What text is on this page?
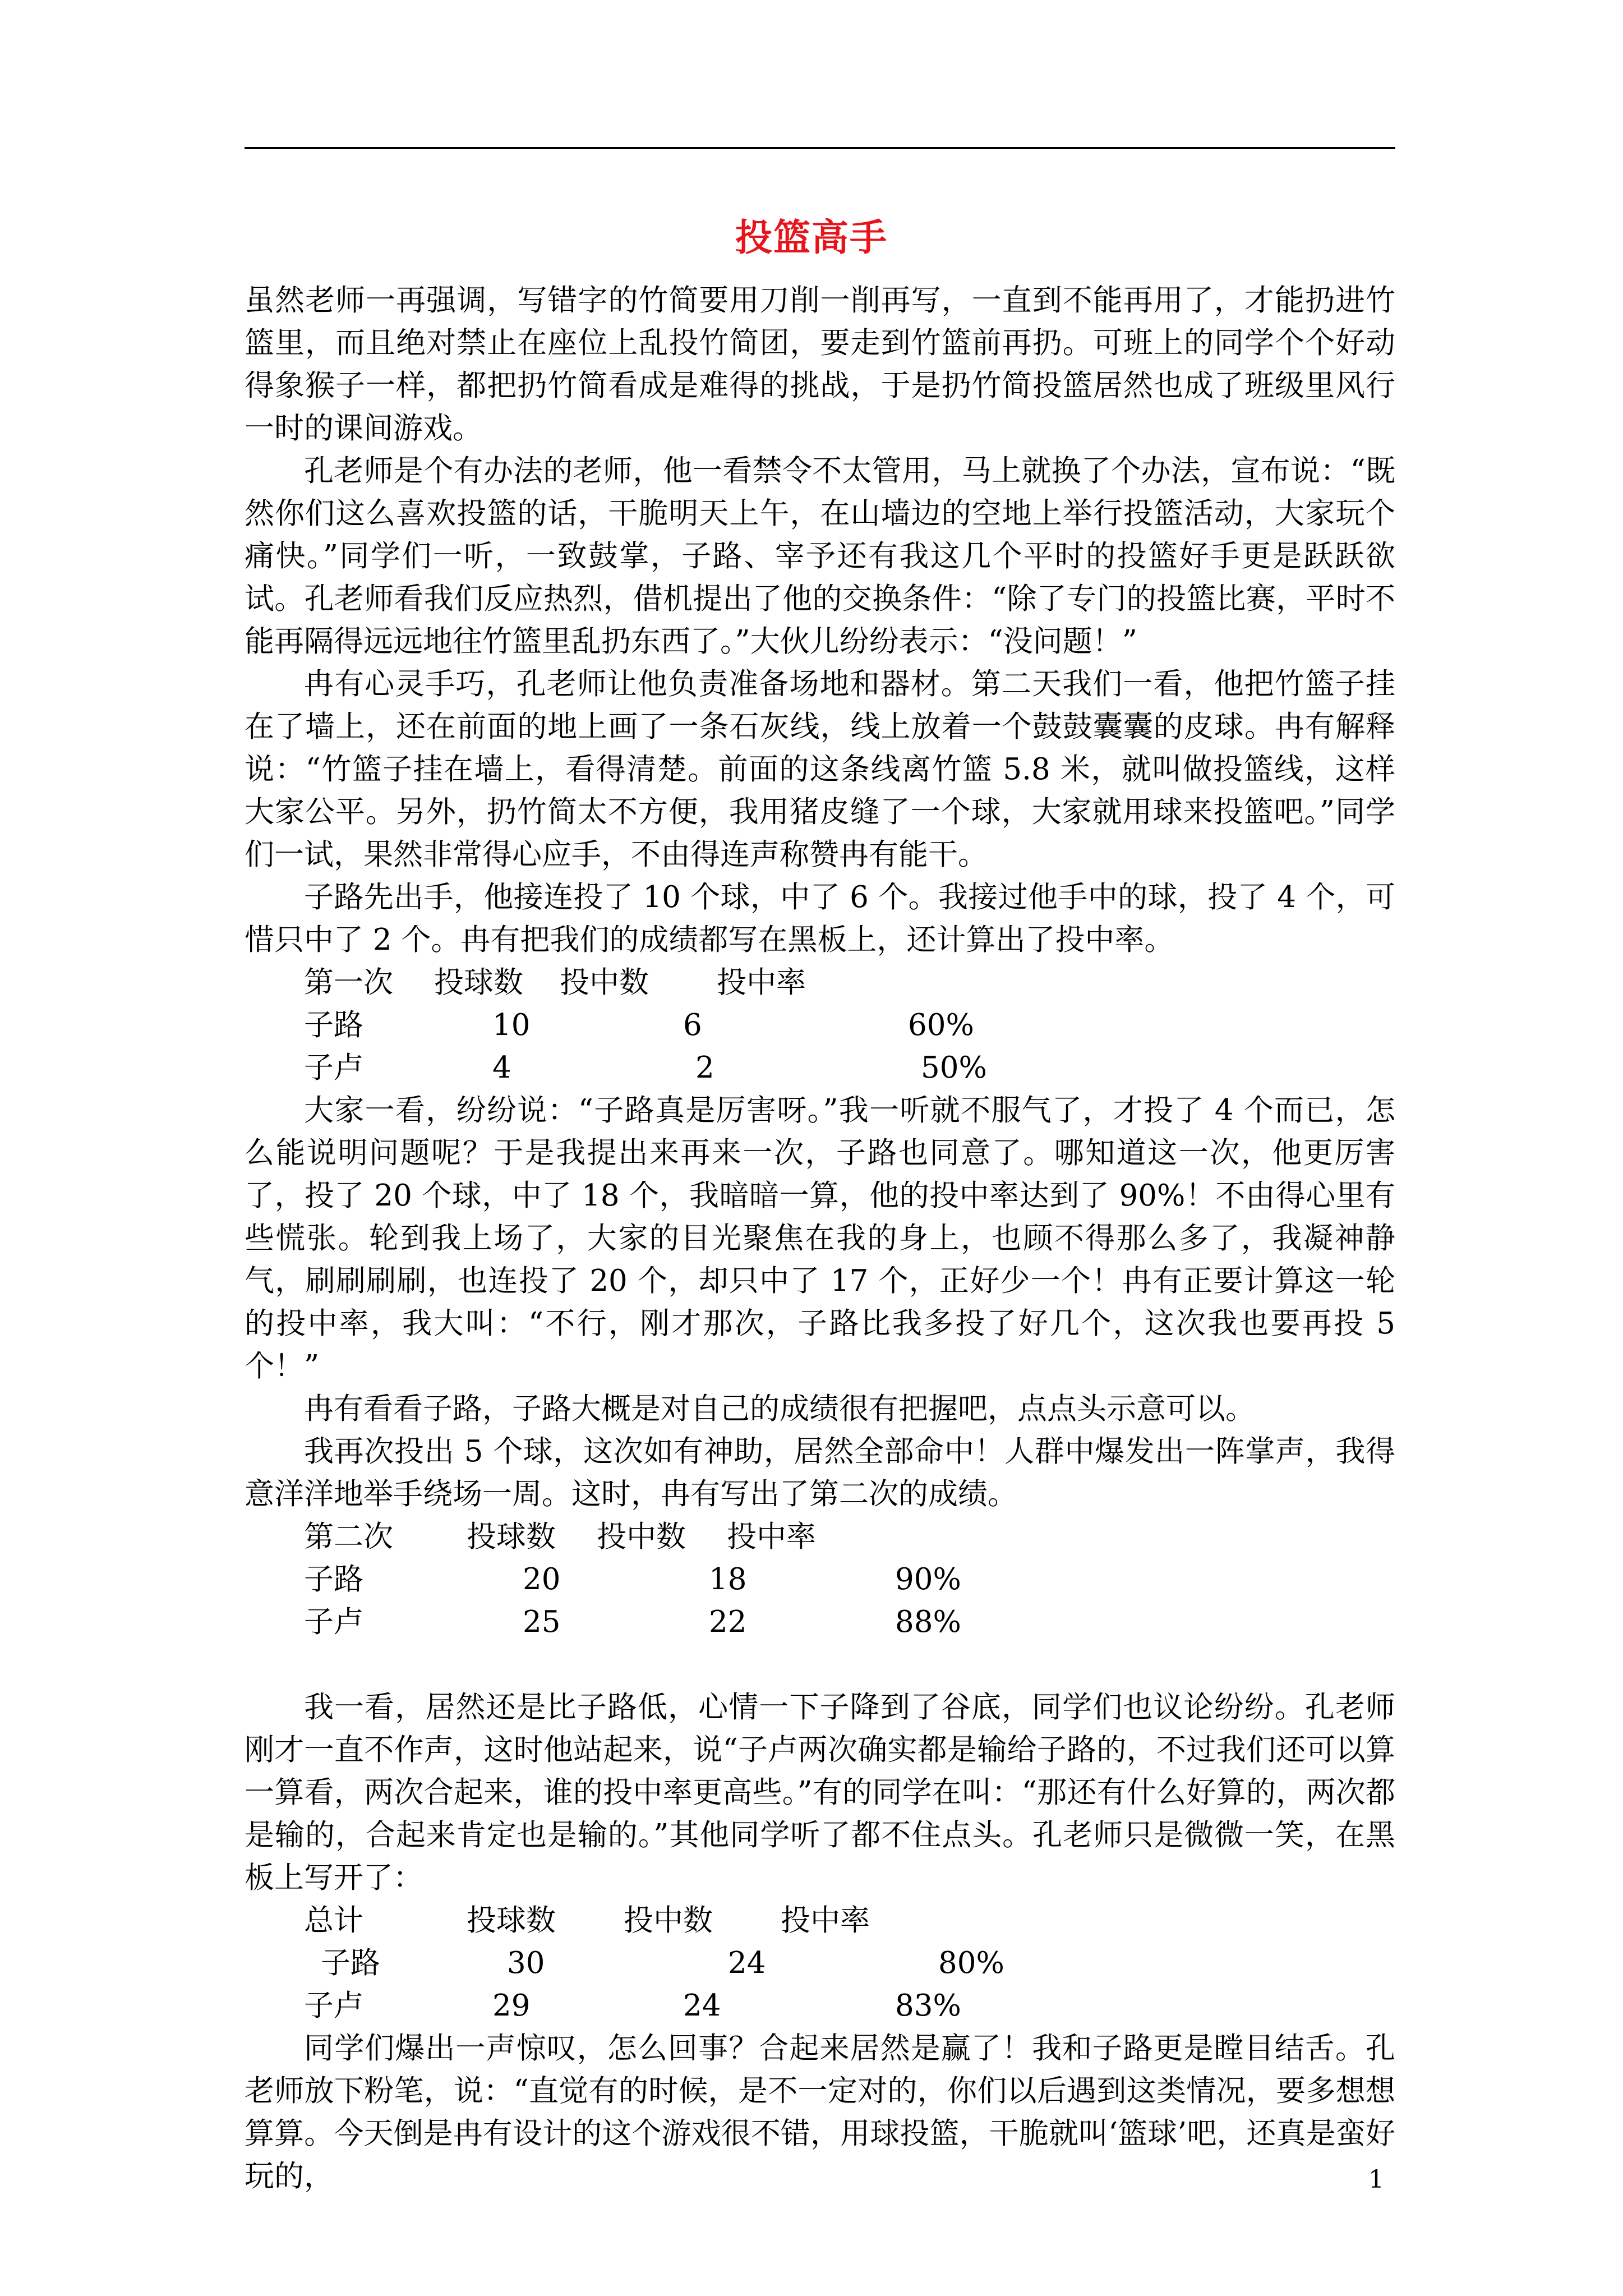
投篮高手

虽然老师一再强调，写错字的竹简要用刀削一削再写，一直到不能再用了，才能扔进竹篮里，而且绝对禁止在座位上乱投竹简团，要走到竹篮前再扔。可班上的同学个个好动得象猴子一样，都把扔竹简看成是难得的挑战，于是扔竹简投篮居然也成了班级里风行一时的课间游戏。

孔老师是个有办法的老师，他一看禁令不太管用，马上就换了个办法，宣布说：“既然你们这么喜欢投篮的话，干脆明天上午，在山墙边的空地上举行投篮活动，大家玩个痛快。”同学们一听，一致鼓掌，子路、宰予还有我这几个平时的投篮好手更是跃跃欲试。孔老师看我们反应热烈，借机提出了他的交换条件：“除了专门的投篮比赛，平时不能再隔得远远地往竹篮里乱扔东西了。”大伙儿纷纷表示：“没问题！”

冉有心灵手巧，孔老师让他负责准备场地和器材。第二天我们一看，他把竹篮子挂在了墙上，还在前面的地上画了一条石灰线，线上放着一个鼓鼓囊囊的皮球。冉有解释说：“竹篮子挂在墙上，看得清楚。前面的这条线离竹篮 5.8 米，就叫做投篮线，这样大家公平。另外，扔竹简太不方便，我用猪皮缝了一个球，大家就用球来投篮吧。”同学们一试，果然非常得心应手，不由得连声称赞冉有能干。

子路先出手，他接连投了 10 个球，中了 6 个。我接过他手中的球，投了 4 个，可惜只中了 2 个。冉有把我们的成绩都写在黑板上，还计算出了投中率。

第一次 投球数 投中数 投中率
子路	10	6	60%
子卢	4	2	50%

大家一看，纷纷说：“子路真是厉害呀。”我一听就不服气了，才投了 4 个而已，怎么能说明问题呢？于是我提出来再来一次，子路也同意了。哪知道这一次，他更厉害了，投了 20 个球，中了 18 个，我暗暗一算，他的投中率达到了 90%！不由得心里有些慌张。轮到我上场了，大家的目光聚焦在我的身上，也顾不得那么多了，我凝神静气，刷刷刷刷，也连投了 20 个，却只中了 17 个，正好少一个！冉有正要计算这一轮的投中率，我大叫：“不行，刚才那次，子路比我多投了好几个，这次我也要再投 5 个！”

冉有看看子路，子路大概是对自己的成绩很有把握吧，点点头示意可以。

我再次投出 5 个球，这次如有神助，居然全部命中！人群中爆发出一阵掌声，我得意洋洋地举手绕场一周。这时，冉有写出了第二次的成绩。

第二次 投球数 投中数 投中率
子路	20	18	90%
子卢	25	22	88%

我一看，居然还是比子路低，心情一下子降到了谷底，同学们也议论纷纷。孔老师刚才一直不作声，这时他站起来，说“子卢两次确实都是输给子路的，不过我们还可以算一算看，两次合起来，谁的投中率更高些。”有的同学在叫：“那还有什么好算的，两次都是输的，合起来肯定也是输的。”其他同学听了都不住点头。孔老师只是微微一笑，在黑板上写开了：

总计	投球数 投中数 投中率
子路	30	24	80%
子卢	29	24	83%

同学们爆出一声惊叹，怎么回事？合起来居然是赢了！我和子路更是瞠目结舌。孔老师放下粉笔，说：“直觉有的时候，是不一定对的，你们以后遇到这类情况，要多想想算算。今天倒是冉有设计的这个游戏很不错，用球投篮，干脆就叫‘篮球’吧，还真是蛮好玩的，	1
